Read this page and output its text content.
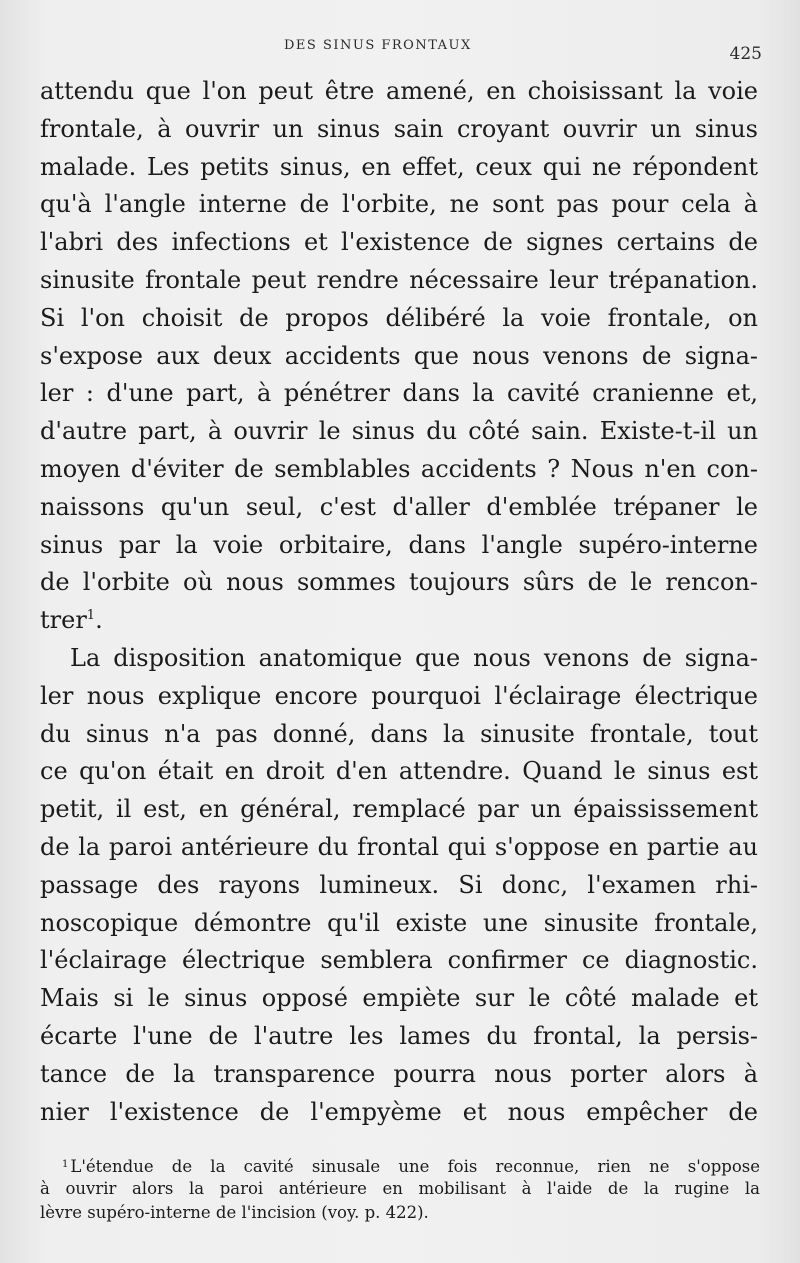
DES SINUS FRONTAUX	425
attendu que l'on peut être amené, en choisissant la voie
frontale, à ouvrir un sinus sain croyant ouvrir un sinus
malade. Les petits sinus, en effet, ceux qui ne répondent
qu'à l'angle interne de l'orbite, ne sont pas pour cela à
l'abri des infections et l'existence de signes certains de
sinusite frontale peut rendre nécessaire leur trépanation.
Si l'on choisit de propos délibéré la voie frontale, on
s'expose aux deux accidents que nous venons de signa-
ler : d'une part, à pénétrer dans la cavité cranienne et,
d'autre part, à ouvrir le sinus du côté sain. Existe-t-il un
moyen d'éviter de semblables accidents ? Nous n'en con-
naissons qu'un seul, c'est d'aller d'emblée trépaner le
sinus par la voie orbitaire, dans l'angle supéro-interne
de l'orbite où nous sommes toujours sûrs de le rencon-
trer$^1$.
La disposition anatomique que nous venons de signa-
ler nous explique encore pourquoi l'éclairage électrique
du sinus n'a pas donné, dans la sinusite frontale, tout
ce qu'on était en droit d'en attendre. Quand le sinus est
petit, il est, en général, remplacé par un épaississement
de la paroi antérieure du frontal qui s'oppose en partie au
passage des rayons lumineux. Si donc, l'examen rhi-
noscopique démontre qu'il existe une sinusite frontale,
l'éclairage électrique semblera confirmer ce diagnostic.
Mais si le sinus opposé empiète sur le côté malade et
écarte l'une de l'autre les lames du frontal, la persis-
tance de la transparence pourra nous porter alors à
nier l'existence de l'empyème et nous empêcher de
$^1$ L'étendue de la cavité sinusale une fois reconnue, rien ne s'oppose
à ouvrir alors la paroi antérieure en mobilisant à l'aide de la rugine la
lèvre supéro-interne de l'incision (voy. p. 422).
